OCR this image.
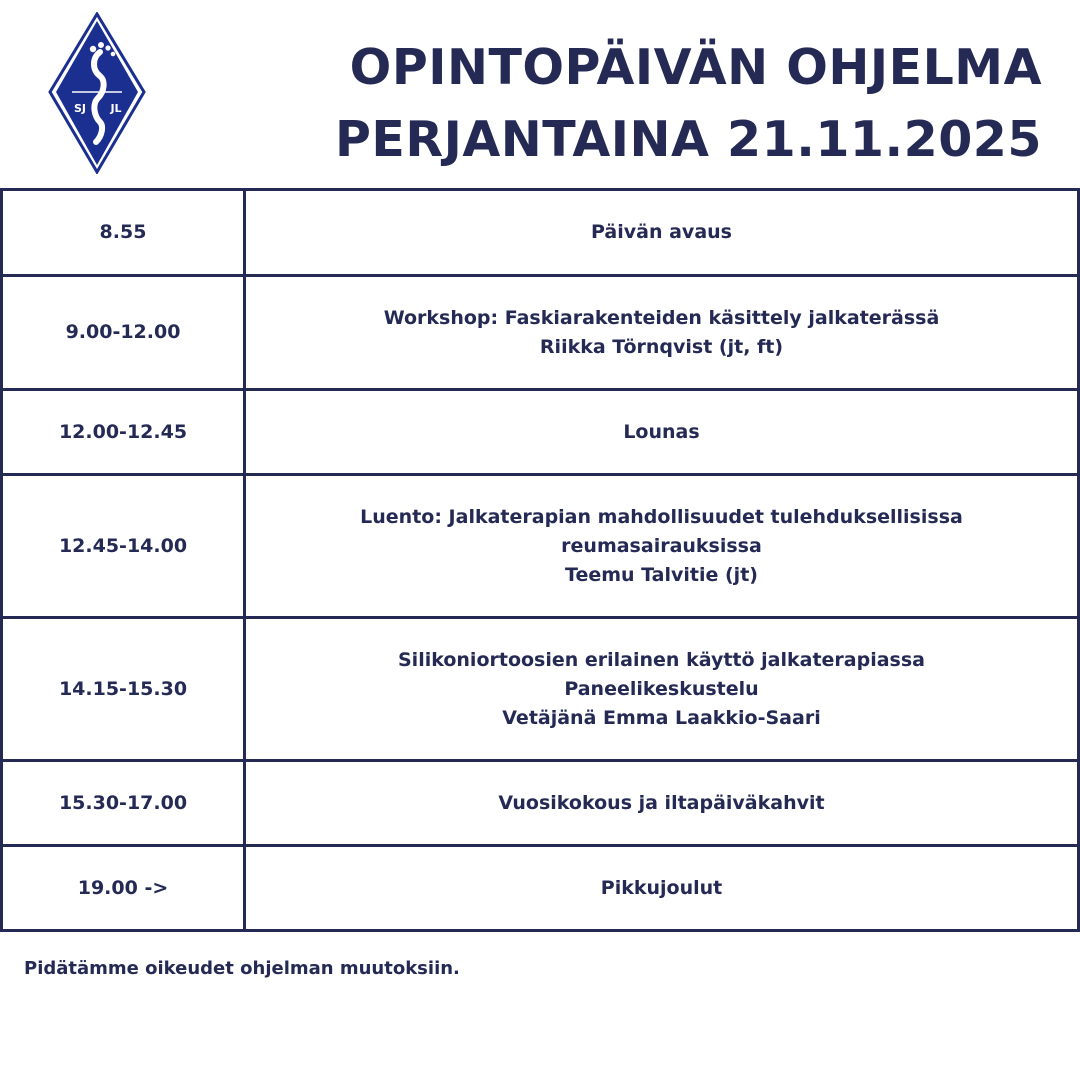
SJ JL
OPINTOPÄIVÄN OHJELMA
PERJANTAINA 21.11.2025
8.55	Päivän avaus

9.00-12.00	Workshop: Faskiarakenteiden käsittely jalkaterässä
Riikka Törnqvist (jt, ft)

12.00-12.45	Lounas

12.45-14.00	Luento: Jalkaterapian mahdollisuudet tulehduksellisissa
reumasairauksissa
Teemu Talvitie (jt)

14.15-15.30	Silikoniortoosien erilainen käyttö jalkaterapiassa
Paneelikeskustelu
Vetäjänä Emma Laakkio-Saari

15.30-17.00	Vuosikokous ja iltapäiväkahvit

19.00 ->	Pikkujoulut
Pidätämme oikeudet ohjelman muutoksiin.
